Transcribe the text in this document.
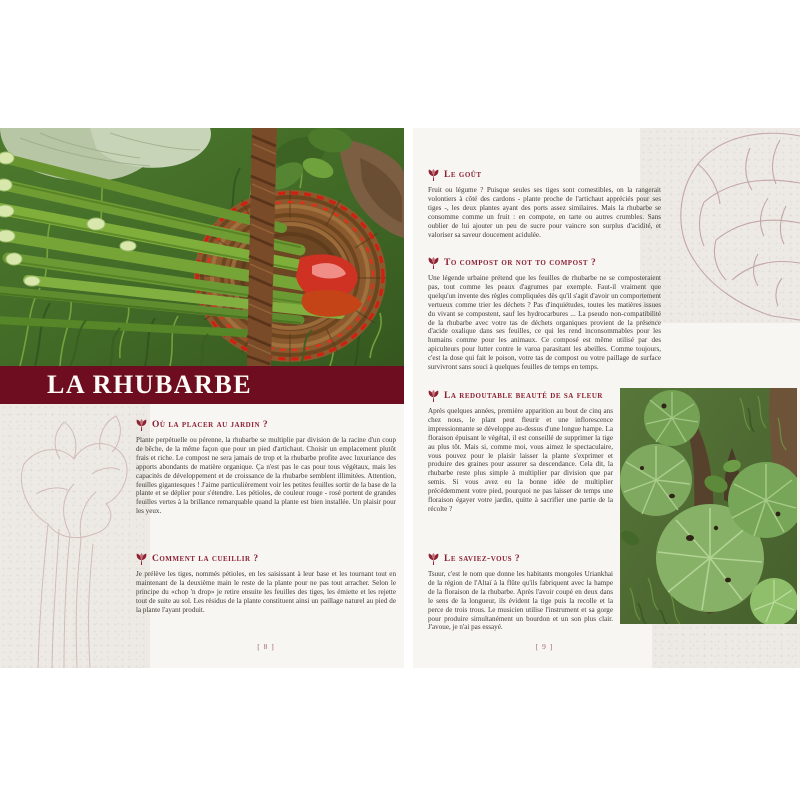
LA RHUBARBE
Où la placer au jardin ?

Plante perpétuelle ou pérenne, la rhubarbe se multiplie par division de la racine d'un coup de bêche, de la même façon que pour un pied d'artichaut. Choisir un emplacement plutôt frais et riche. Le compost ne sera jamais de trop et la rhubarbe profite avec luxuriance des apports abondants de matière organique. Ça n'est pas le cas pour tous végétaux, mais les capacités de développement et de croissance de la rhubarbe semblent illimitées. Attention, feuilles gigantesques ! J'aime particulièrement voir les petites feuilles sortir de la base de la plante et se déplier pour s'étendre. Les pétioles, de couleur rouge - rosé portent de grandes feuilles vertes à la brillance remarquable quand la plante est bien installée. Un plaisir pour les yeux.

Comment la cueillir ?

Je prélève les tiges, nommés pétioles, en les saisissant à leur base et les tournant tout en maintenant de la deuxième main le reste de la plante pour ne pas tout arracher. Selon le principe du «chop 'n drop» je retire ensuite les feuilles des tiges, les émiette et les rejette tout de suite au sol. Les résidus de la plante constituent ainsi un paillage naturel au pied de la plante l'ayant produit.

[ 8 ]
Le goût

Fruit ou légume ? Puisque seules ses tiges sont comestibles, on la rangerait volontiers à côté des cardons - plante proche de l'artichaut appréciés pour ses tiges -, les deux plantes ayant des ports assez similaires. Mais la rhubarbe se consomme comme un fruit : en compote, en tarte ou autres crumbles. Sans oublier de lui ajouter un peu de sucre pour vaincre son surplus d'acidité, et valoriser sa saveur doucement acidulée.

To compost or not to compost ?

Une légende urbaine prétend que les feuilles de rhubarbe ne se composteraient pas, tout comme les peaux d'agrumes par exemple. Faut-il vraiment que quelqu'un invente des règles compliquées dès qu'il s'agit d'avoir un comportement vertueux comme trier les déchets ? Pas d'inquiétudes, toutes les matières issues du vivant se compostent, sauf les hydrocarbures ... La pseudo non-compatibilité de la rhubarbe avec votre tas de déchets organiques provient de la présence d'acide oxalique dans ses feuilles, ce qui les rend inconsommables pour les humains comme pour les animaux. Ce composé est même utilisé par des apiculteurs pour lutter contre le varoa parasitant les abeilles. Comme toujours, c'est la dose qui fait le poison, votre tas de compost ou votre paillage de surface survivront sans souci à quelques feuilles de temps en temps.

La redoutable beauté de sa fleur

Après quelques années, première apparition au bout de cinq ans chez nous, le plant peut fleurir et une inflorescence impressionnante se développe au-dessus d'une longue hampe. La floraison épuisant le végétal, il est conseillé de supprimer la tige au plus tôt. Mais si, comme moi, vous aimez le spectaculaire, vous pouvez pour le plaisir laisser la plante s'exprimer et produire des graines pour assurer sa descendance. Cela dit, la rhubarbe reste plus simple à multiplier par division que par semis. Si vous avez eu la bonne idée de multiplier précédemment votre pied, pourquoi ne pas laisser de temps une floraison égayer votre jardin, quitte à sacrifier une partie de la récolte ?

Le saviez-vous ?

Tsuur, c'est le nom que donne les habitants mongoles Uriankhai de la région de l'Altaï à la flûte qu'ils fabriquent avec la hampe de la floraison de la rhubarbe. Après l'avoir coupé en deux dans le sens de la longueur, ils évident la tige puis la recolle et la perce de trois trous. Le musicien utilise l'instrument et sa gorge pour produire simultanément un bourdon et un son plus clair. J'avoue, je n'ai pas essayé.

[ 9 ]
